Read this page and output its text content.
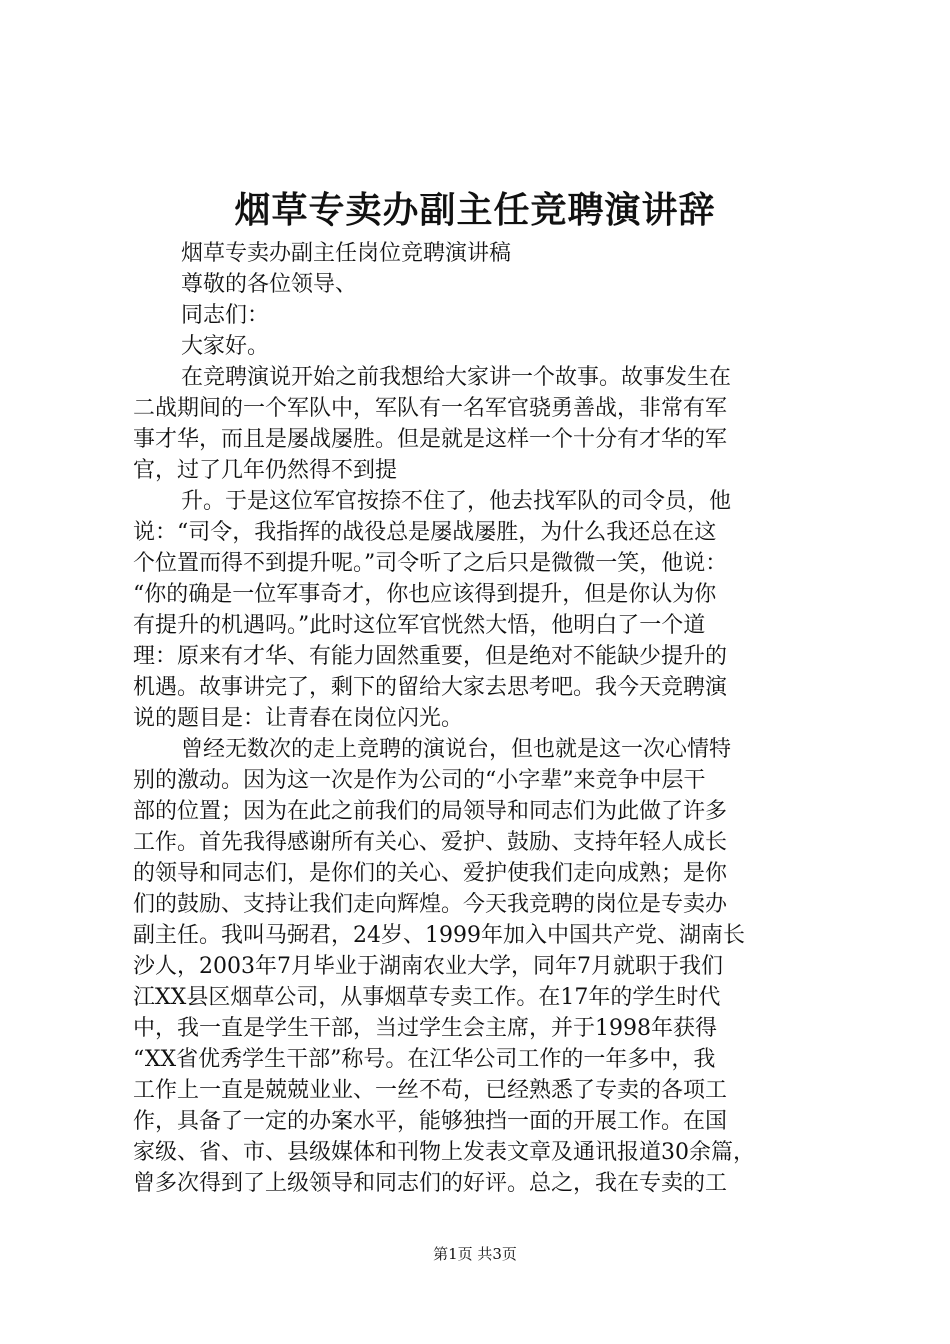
烟草专卖办副主任竞聘演讲辞
烟草专卖办副主任岗位竞聘演讲稿
尊敬的各位领导、
同志们：
大家好。
在竞聘演说开始之前我想给大家讲一个故事。故事发生在
二战期间的一个军队中，军队有一名军官骁勇善战，非常有军
事才华，而且是屡战屡胜。但是就是这样一个十分有才华的军
官，过了几年仍然得不到提
升。于是这位军官按捺不住了，他去找军队的司令员，他
说：“司令，我指挥的战役总是屡战屡胜，为什么我还总在这
个位置而得不到提升呢。”司令听了之后只是微微一笑，他说：
“你的确是一位军事奇才，你也应该得到提升，但是你认为你
有提升的机遇吗。”此时这位军官恍然大悟，他明白了一个道
理：原来有才华、有能力固然重要，但是绝对不能缺少提升的
机遇。故事讲完了，剩下的留给大家去思考吧。我今天竞聘演
说的题目是：让青春在岗位闪光。
曾经无数次的走上竞聘的演说台，但也就是这一次心情特
别的激动。因为这一次是作为公司的“小字辈”来竞争中层干
部的位置；因为在此之前我们的局领导和同志们为此做了许多
工作。首先我得感谢所有关心、爱护、鼓励、支持年轻人成长
的领导和同志们，是你们的关心、爱护使我们走向成熟；是你
们的鼓励、支持让我们走向辉煌。今天我竞聘的岗位是专卖办
副主任。我叫马弼君，24岁、1999年加入中国共产党、湖南长
沙人，2003年7月毕业于湖南农业大学，同年7月就职于我们
江XX县区烟草公司，从事烟草专卖工作。在17年的学生时代
中，我一直是学生干部，当过学生会主席，并于1998年获得
“XX省优秀学生干部”称号。在江华公司工作的一年多中，我
工作上一直是兢兢业业、一丝不苟，已经熟悉了专卖的各项工
作，具备了一定的办案水平，能够独挡一面的开展工作。在国
家级、省、市、县级媒体和刊物上发表文章及通讯报道30余篇，
曾多次得到了上级领导和同志们的好评。总之，我在专卖的工
第1页 共3页
